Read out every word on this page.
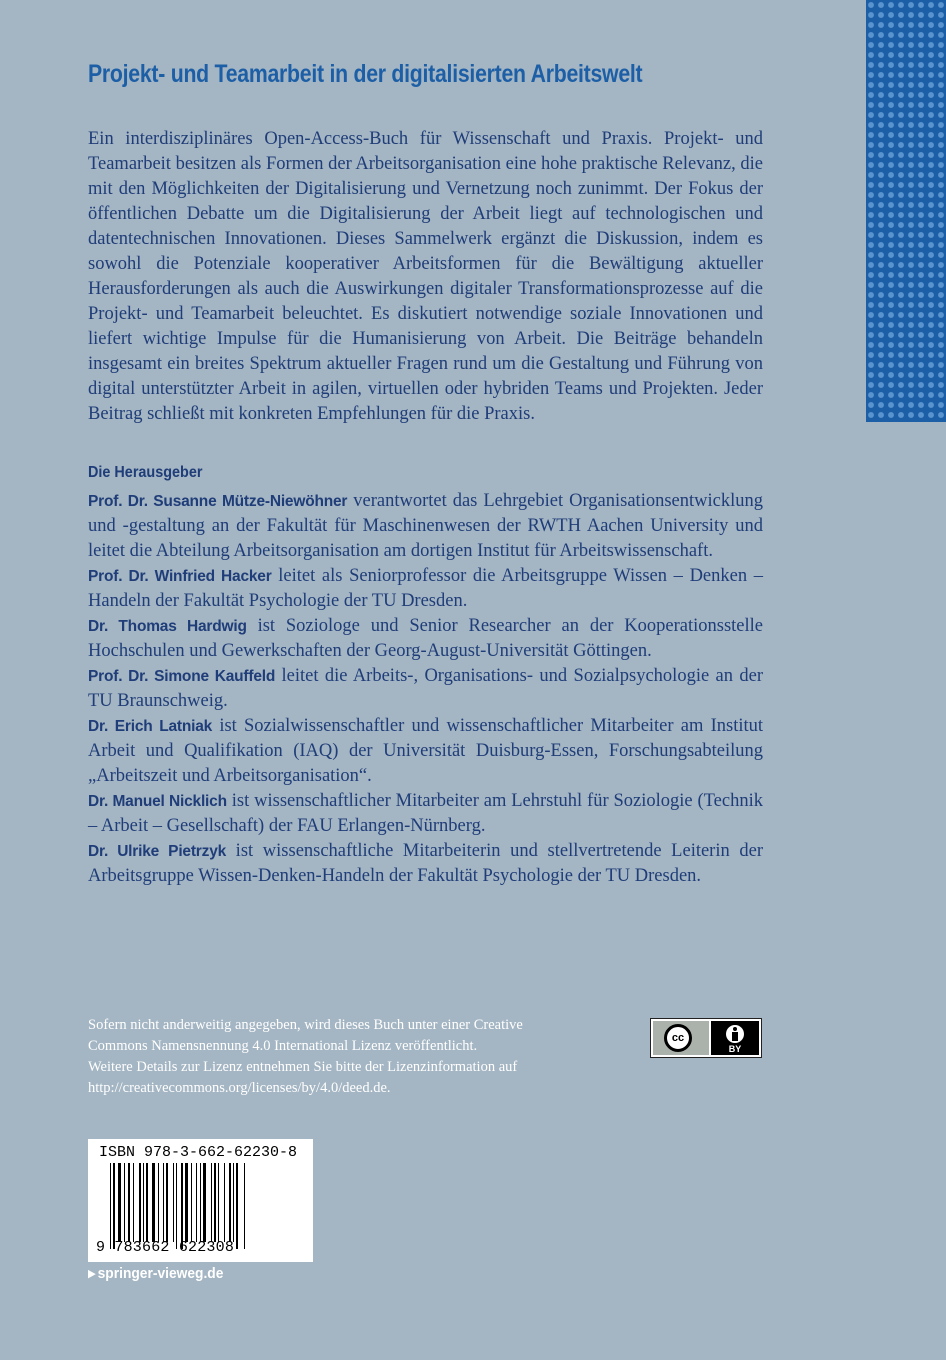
Projekt- und Teamarbeit in der digitalisierten Arbeitswelt

Ein interdisziplinäres Open-Access-Buch für Wissenschaft und Praxis. Projekt- und Teamarbeit besitzen als Formen der Arbeitsorganisation eine hohe praktische Relevanz, die mit den Möglichkeiten der Digitalisierung und Vernetzung noch zunimmt. Der Fokus der öffentlichen Debatte um die Digitalisierung der Arbeit liegt auf technologischen und datentechnischen Innovationen. Dieses Sammelwerk ergänzt die Diskussion, indem es sowohl die Potenziale kooperativer Arbeitsformen für die Bewältigung aktueller Herausforderungen als auch die Auswirkungen digitaler Transformationsprozesse auf die Projekt- und Teamarbeit beleuchtet. Es diskutiert notwendige soziale Innovationen und liefert wichtige Impulse für die Humanisierung von Arbeit. Die Beiträge behandeln insgesamt ein breites Spektrum aktueller Fragen rund um die Gestaltung und Führung von digital unterstützter Arbeit in agilen, virtuellen oder hybriden Teams und Projekten. Jeder Beitrag schließt mit konkreten Empfehlungen für die Praxis.

Die Herausgeber

Prof. Dr. Susanne Mütze-Niewöhner verantwortet das Lehrgebiet Organisationsentwicklung und -gestaltung an der Fakultät für Maschinenwesen der RWTH Aachen University und leitet die Abteilung Arbeitsorganisation am dortigen Institut für Arbeitswissenschaft.

Prof. Dr. Winfried Hacker leitet als Seniorprofessor die Arbeitsgruppe Wissen – Denken – Handeln der Fakultät Psychologie der TU Dresden.

Dr. Thomas Hardwig ist Soziologe und Senior Researcher an der Kooperationsstelle Hochschulen und Gewerkschaften der Georg-August-Universität Göttingen.

Prof. Dr. Simone Kauffeld leitet die Arbeits-, Organisations- und Sozialpsychologie an der TU Braunschweig.

Dr. Erich Latniak ist Sozialwissenschaftler und wissenschaftlicher Mitarbeiter am Institut Arbeit und Qualifikation (IAQ) der Universität Duisburg-Essen, Forschungsabteilung „Arbeitszeit und Arbeitsorganisation“.

Dr. Manuel Nicklich ist wissenschaftlicher Mitarbeiter am Lehrstuhl für Soziologie (Technik – Arbeit – Gesellschaft) der FAU Erlangen-Nürnberg.

Dr. Ulrike Pietrzyk ist wissenschaftliche Mitarbeiterin und stellvertretende Leiterin der Arbeitsgruppe Wissen-Denken-Handeln der Fakultät Psychologie der TU Dresden.

Sofern nicht anderweitig angegeben, wird dieses Buch unter einer Creative
Commons Namensnennung 4.0 International Lizenz veröffentlicht.
Weitere Details zur Lizenz entnehmen Sie bitte der Lizenzinformation auf
http://creativecommons.org/licenses/by/4.0/deed.de.
cc
BY
ISBN 978-3-662-62230-8
9 783662 622308
▶ springer-vieweg.de
